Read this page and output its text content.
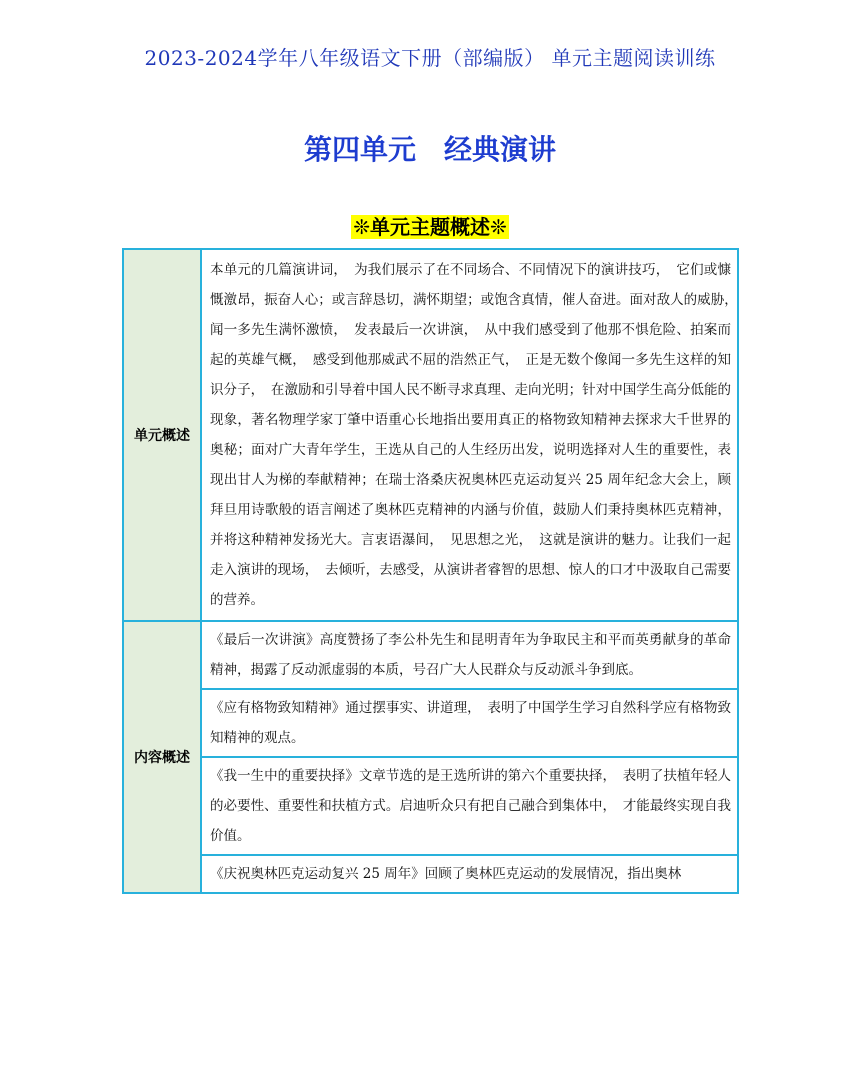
2023-2024学年八年级语文下册（部编版） 单元主题阅读训练
第四单元　经典演讲
❊单元主题概述❊
单元概述	本单元的几篇演讲词，　为我们展示了在不同场合、不同情况下的演讲技巧，　它们或慷慨激昂，振奋人心；或言辞恳切，满怀期望；或饱含真情，催人奋进。面对敌人的威胁，　闻一多先生满怀激愤，　发表最后一次讲演，　从中我们感受到了他那不惧危险、拍案而起的英雄气概，　感受到他那威武不屈的浩然正气，　正是无数个像闻一多先生这样的知识分子，　在激励和引导着中国人民不断寻求真理、走向光明；针对中国学生高分低能的现象，著名物理学家丁肇中语重心长地指出要用真正的格物致知精神去探求大千世界的奥秘；面对广大青年学生，王选从自己的人生经历出发，说明选择对人生的重要性，表现出甘人为梯的奉献精神；在瑞士洛桑庆祝奥林匹克运动复兴 25 周年纪念大会上，顾拜旦用诗歌般的语言阐述了奥林匹克精神的内涵与价值，鼓励人们秉持奥林匹克精神，并将这种精神发扬光大。言衷语瀑间，　见思想之光，　这就是演讲的魅力。让我们一起走入演讲的现场，　去倾听，去感受，从演讲者睿智的思想、惊人的口才中汲取自己需要的营养。
内容概述	《最后一次讲演》高度赞扬了李公朴先生和昆明青年为争取民主和平而英勇献身的革命精神，揭露了反动派虚弱的本质，号召广大人民群众与反动派斗争到底。
	《应有格物致知精神》通过摆事实、讲道理，　表明了中国学生学习自然科学应有格物致知精神的观点。
	《我一生中的重要抉择》文章节选的是王选所讲的第六个重要抉择，　表明了扶植年轻人的必要性、重要性和扶植方式。启迪听众只有把自己融合到集体中，　才能最终实现自我价值。
	《庆祝奥林匹克运动复兴 25 周年》回顾了奥林匹克运动的发展情况，指出奥林
